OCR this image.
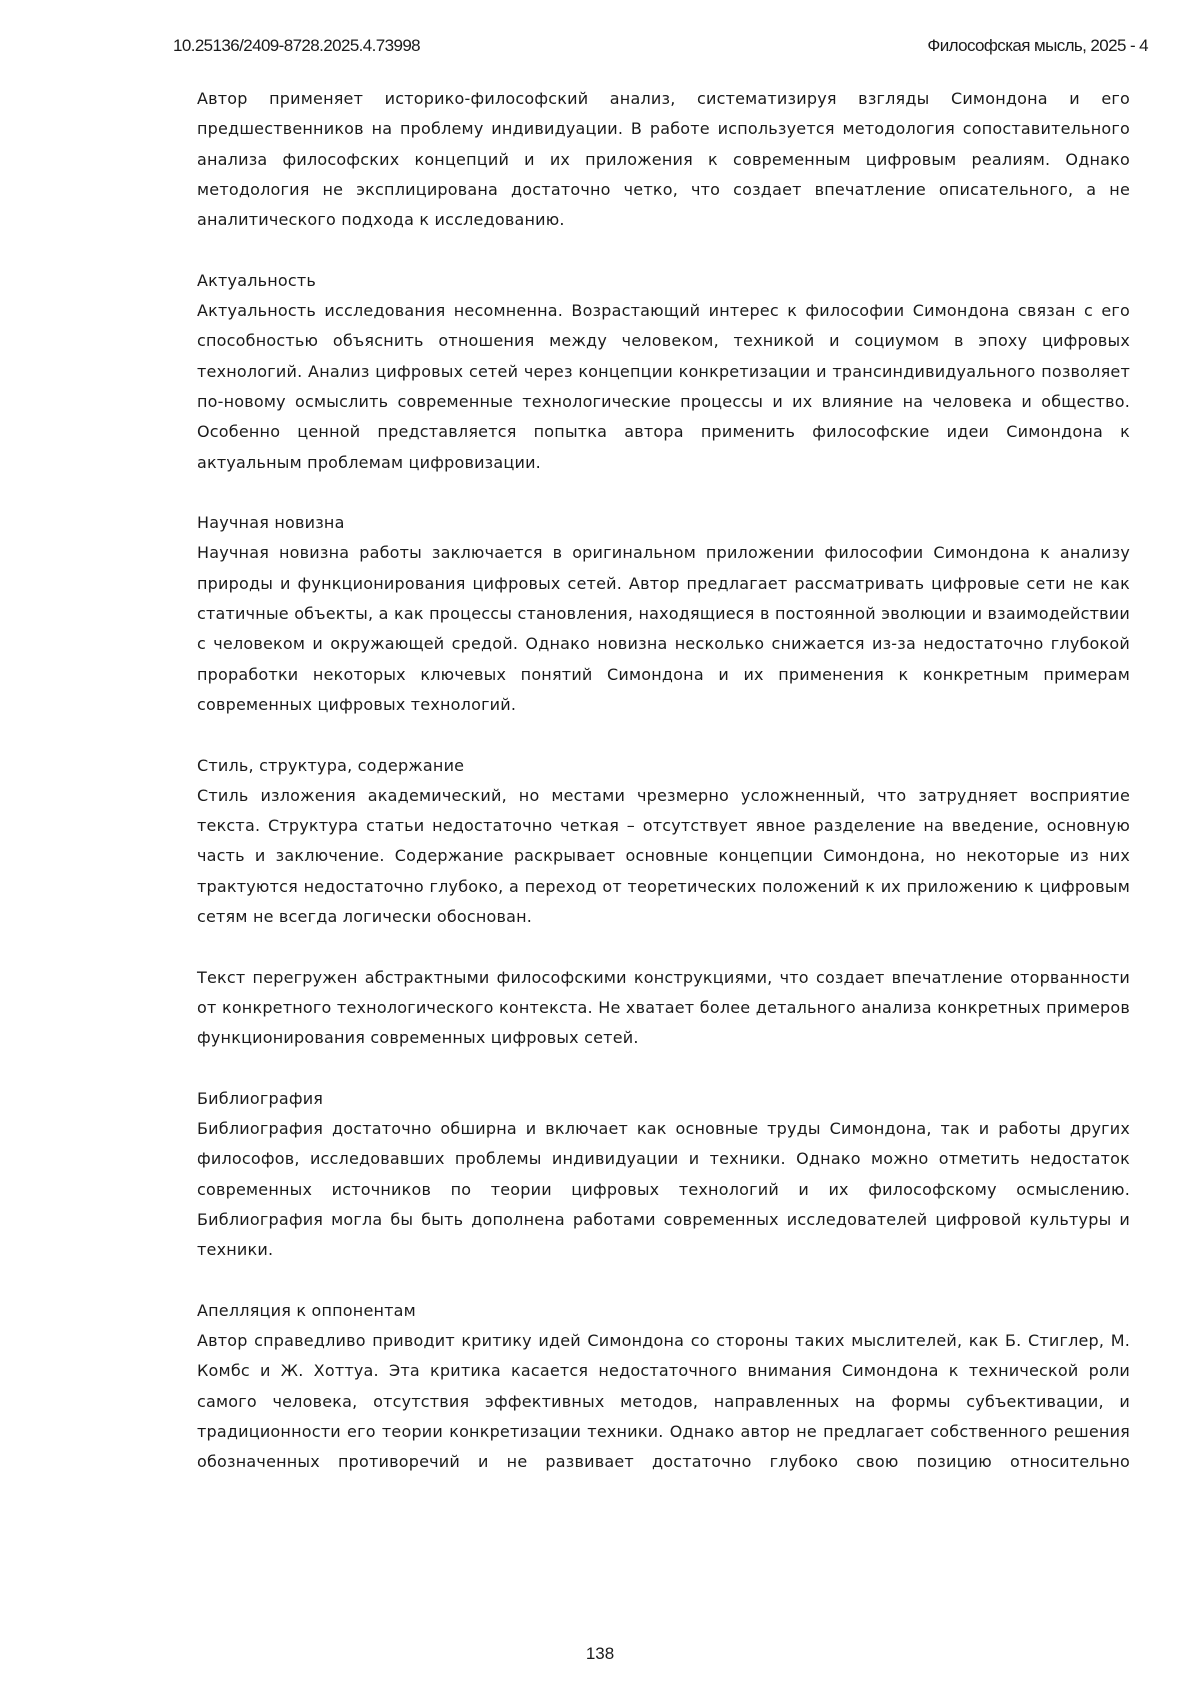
10.25136/2409-8728.2025.4.73998	Философская мысль, 2025 - 4

Автор применяет историко-философский анализ, систематизируя взгляды Симондона и его предшественников на проблему индивидуации. В работе используется методология сопоставительного анализа философских концепций и их приложения к современным цифровым реалиям. Однако методология не эксплицирована достаточно четко, что создает впечатление описательного, а не аналитического подхода к исследованию.

Актуальность

Актуальность исследования несомненна. Возрастающий интерес к философии Симондона связан с его способностью объяснить отношения между человеком, техникой и социумом в эпоху цифровых технологий. Анализ цифровых сетей через концепции конкретизации и трансиндивидуального позволяет по-новому осмыслить современные технологические процессы и их влияние на человека и общество. Особенно ценной представляется попытка автора применить философские идеи Симондона к актуальным проблемам цифровизации.

Научная новизна

Научная новизна работы заключается в оригинальном приложении философии Симондона к анализу природы и функционирования цифровых сетей. Автор предлагает рассматривать цифровые сети не как статичные объекты, а как процессы становления, находящиеся в постоянной эволюции и взаимодействии с человеком и окружающей средой. Однако новизна несколько снижается из-за недостаточно глубокой проработки некоторых ключевых понятий Симондона и их применения к конкретным примерам современных цифровых технологий.

Стиль, структура, содержание

Стиль изложения академический, но местами чрезмерно усложненный, что затрудняет восприятие текста. Структура статьи недостаточно четкая – отсутствует явное разделение на введение, основную часть и заключение. Содержание раскрывает основные концепции Симондона, но некоторые из них трактуются недостаточно глубоко, а переход от теоретических положений к их приложению к цифровым сетям не всегда логически обоснован.

Текст перегружен абстрактными философскими конструкциями, что создает впечатление оторванности от конкретного технологического контекста. Не хватает более детального анализа конкретных примеров функционирования современных цифровых сетей.

Библиография

Библиография достаточно обширна и включает как основные труды Симондона, так и работы других философов, исследовавших проблемы индивидуации и техники. Однако можно отметить недостаток современных источников по теории цифровых технологий и их философскому осмыслению. Библиография могла бы быть дополнена работами современных исследователей цифровой культуры и техники.

Апелляция к оппонентам

Автор справедливо приводит критику идей Симондона со стороны таких мыслителей, как Б. Стиглер, М. Комбс и Ж. Хоттуа. Эта критика касается недостаточного внимания Симондона к технической роли самого человека, отсутствия эффективных методов, направленных на формы субъективации, и традиционности его теории конкретизации техники. Однако автор не предлагает собственного решения обозначенных противоречий и не развивает достаточно глубоко свою позицию относительно

138
